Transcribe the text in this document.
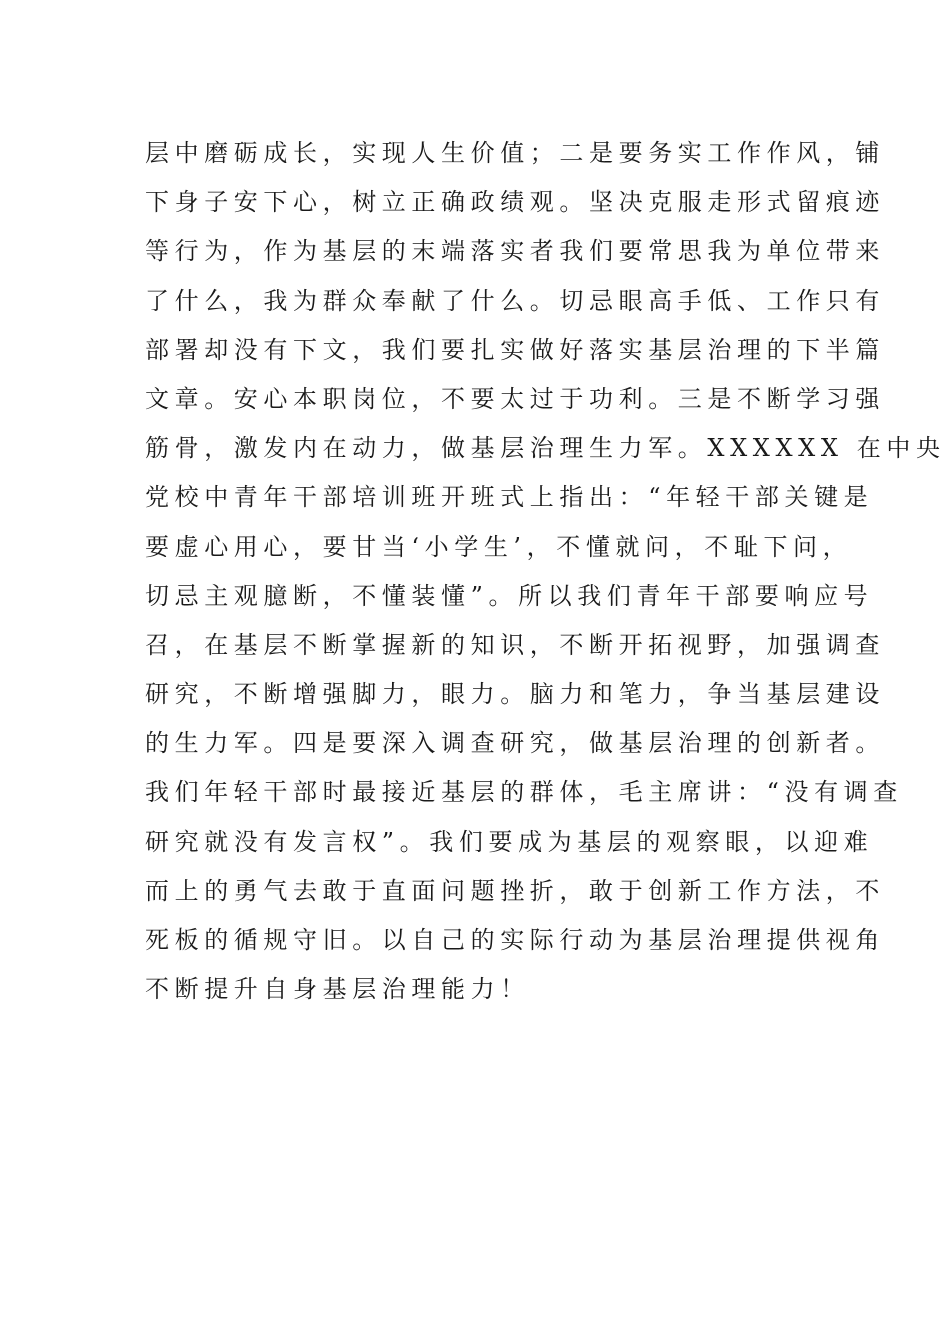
层中磨砺成长，实现人生价值；二是要务实工作作风，铺
下身子安下心，树立正确政绩观。坚决克服走形式留痕迹
等行为，作为基层的末端落实者我们要常思我为单位带来
了什么，我为群众奉献了什么。切忌眼高手低、工作只有
部署却没有下文，我们要扎实做好落实基层治理的下半篇
文章。安心本职岗位，不要太过于功利。三是不断学习强
筋骨，激发内在动力，做基层治理生力军。XXXXXX 在中央
党校中青年干部培训班开班式上指出：“年轻干部关键是
要虚心用心，要甘当‘小学生’，不懂就问，不耻下问，
切忌主观臆断，不懂装懂”。所以我们青年干部要响应号
召，在基层不断掌握新的知识，不断开拓视野，加强调查
研究，不断增强脚力，眼力。脑力和笔力，争当基层建设
的生力军。四是要深入调查研究，做基层治理的创新者。
我们年轻干部时最接近基层的群体，毛主席讲：“没有调查
研究就没有发言权”。我们要成为基层的观察眼，以迎难
而上的勇气去敢于直面问题挫折，敢于创新工作方法，不
死板的循规守旧。以自己的实际行动为基层治理提供视角
不断提升自身基层治理能力！
